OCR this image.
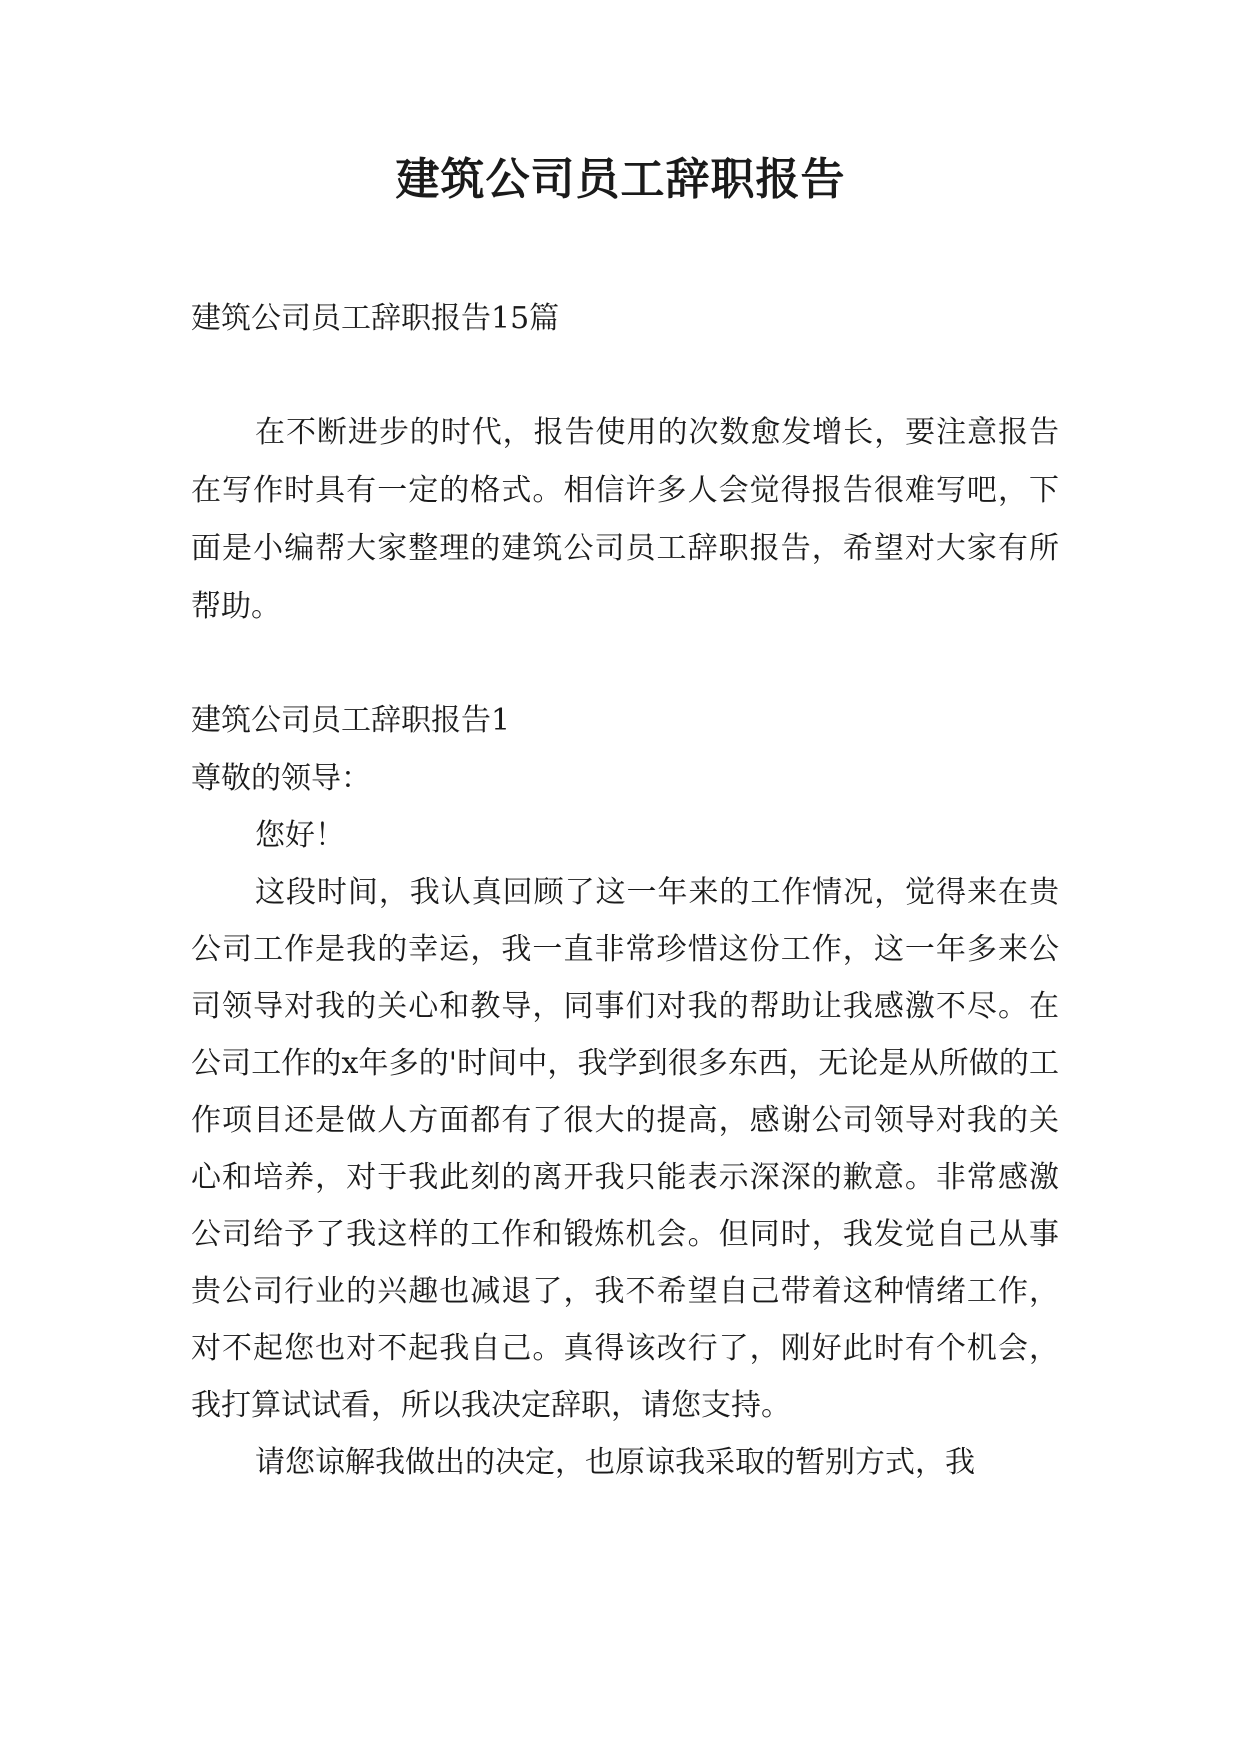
建筑公司员工辞职报告

建筑公司员工辞职报告15篇

在不断进步的时代，报告使用的次数愈发增长，要注意报告在写作时具有一定的格式。相信许多人会觉得报告很难写吧，下面是小编帮大家整理的建筑公司员工辞职报告，希望对大家有所帮助。

建筑公司员工辞职报告1

尊敬的领导：

您好！

这段时间，我认真回顾了这一年来的工作情况，觉得来在贵公司工作是我的幸运，我一直非常珍惜这份工作，这一年多来公司领导对我的关心和教导，同事们对我的帮助让我感激不尽。在公司工作的x年多的'时间中，我学到很多东西，无论是从所做的工作项目还是做人方面都有了很大的提高，感谢公司领导对我的关心和培养，对于我此刻的离开我只能表示深深的歉意。非常感激公司给予了我这样的工作和锻炼机会。但同时，我发觉自己从事贵公司行业的兴趣也减退了，我不希望自己带着这种情绪工作，对不起您也对不起我自己。真得该改行了，刚好此时有个机会，我打算试试看，所以我决定辞职，请您支持。

请您谅解我做出的决定，也原谅我采取的暂别方式，我
